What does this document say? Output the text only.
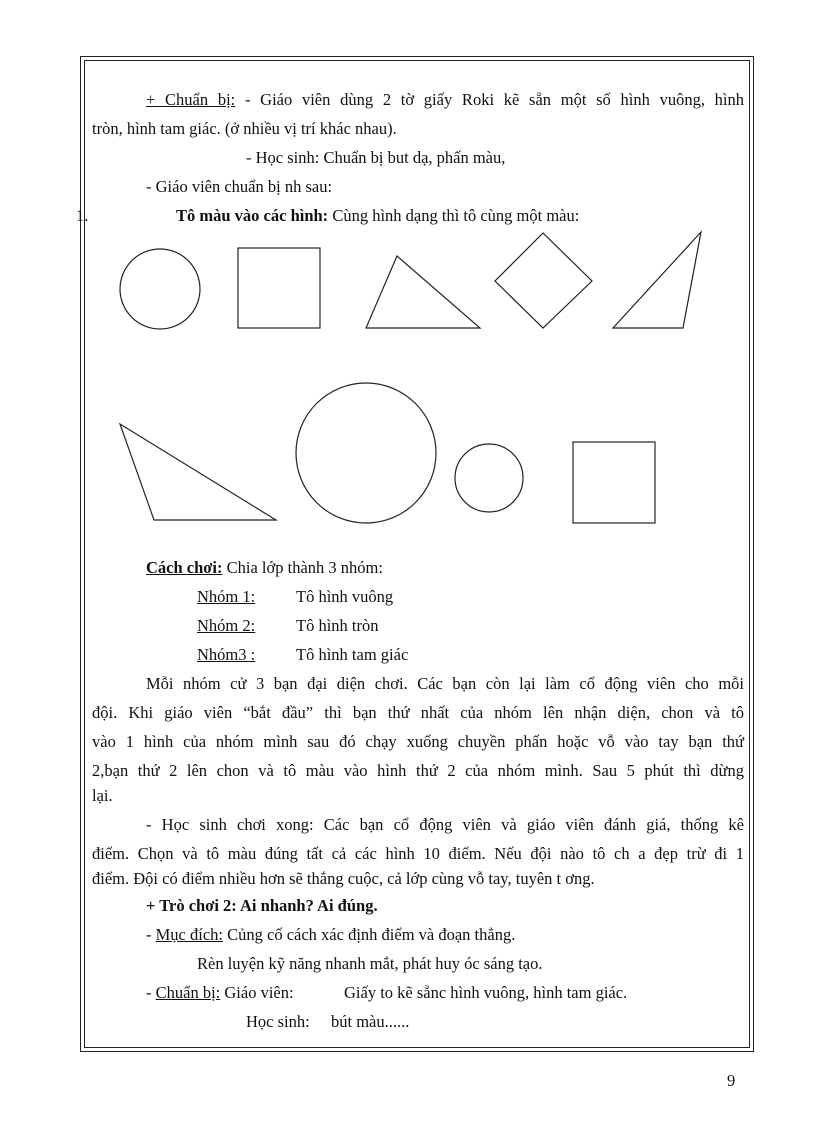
+ Chuẩn bị: - Giáo viên dùng 2 tờ giấy Roki kẽ sẵn một số hình vuông, hình
tròn, hình tam giác. (ở nhiều vị trí khác nhau).
- Học sinh: Chuẩn bị but dạ, phấn màu,
- Giáo viên chuẩn bị nh sau:
1.	Tô màu vào các hình: Cùng hình dạng thì tô cùng một màu:
Cách chơi: Chia lớp thành 3 nhóm:
Nhóm 1: Tô hình vuông
Nhóm 2: Tô hình tròn
Nhóm3 : Tô hình tam giác
Mỗi nhóm cử 3 bạn đại diện chơi. Các bạn còn lại làm cổ động viên cho mỗi
đội. Khi giáo viên “bắt đầu” thì bạn thứ nhất của nhóm lên nhận diện, chon và tô
vào 1 hình của nhóm mình sau đó chạy xuống chuyền phấn hoặc vỗ vào tay bạn thứ
2,bạn thứ 2 lên chon và tô màu vào hình thứ 2 của nhóm mình. Sau 5 phút thì dừng
lại.
- Học sinh chơi xong: Các bạn cổ động viên và giáo viên đánh giá, thống kê
điểm. Chọn và tô màu đúng tất cả các hình 10 điểm. Nếu đội nào tô ch a đẹp trừ đi 1
điểm. Đội có điểm nhiều hơn sẽ thắng cuộc, cả lớp cùng vỗ tay, tuyên t ơng.
+ Trò chơi 2: Ai nhanh? Ai đúng.
- Mục đích: Củng cố cách xác định điểm và đoạn thẳng.
Rèn luyện kỹ năng nhanh mắt, phát huy óc sáng tạo.
- Chuẩn bị: Giáo viên:	Giấy to kẽ sẵnc hình vuông, hình tam giác.
Học sinh: bút màu......
9
